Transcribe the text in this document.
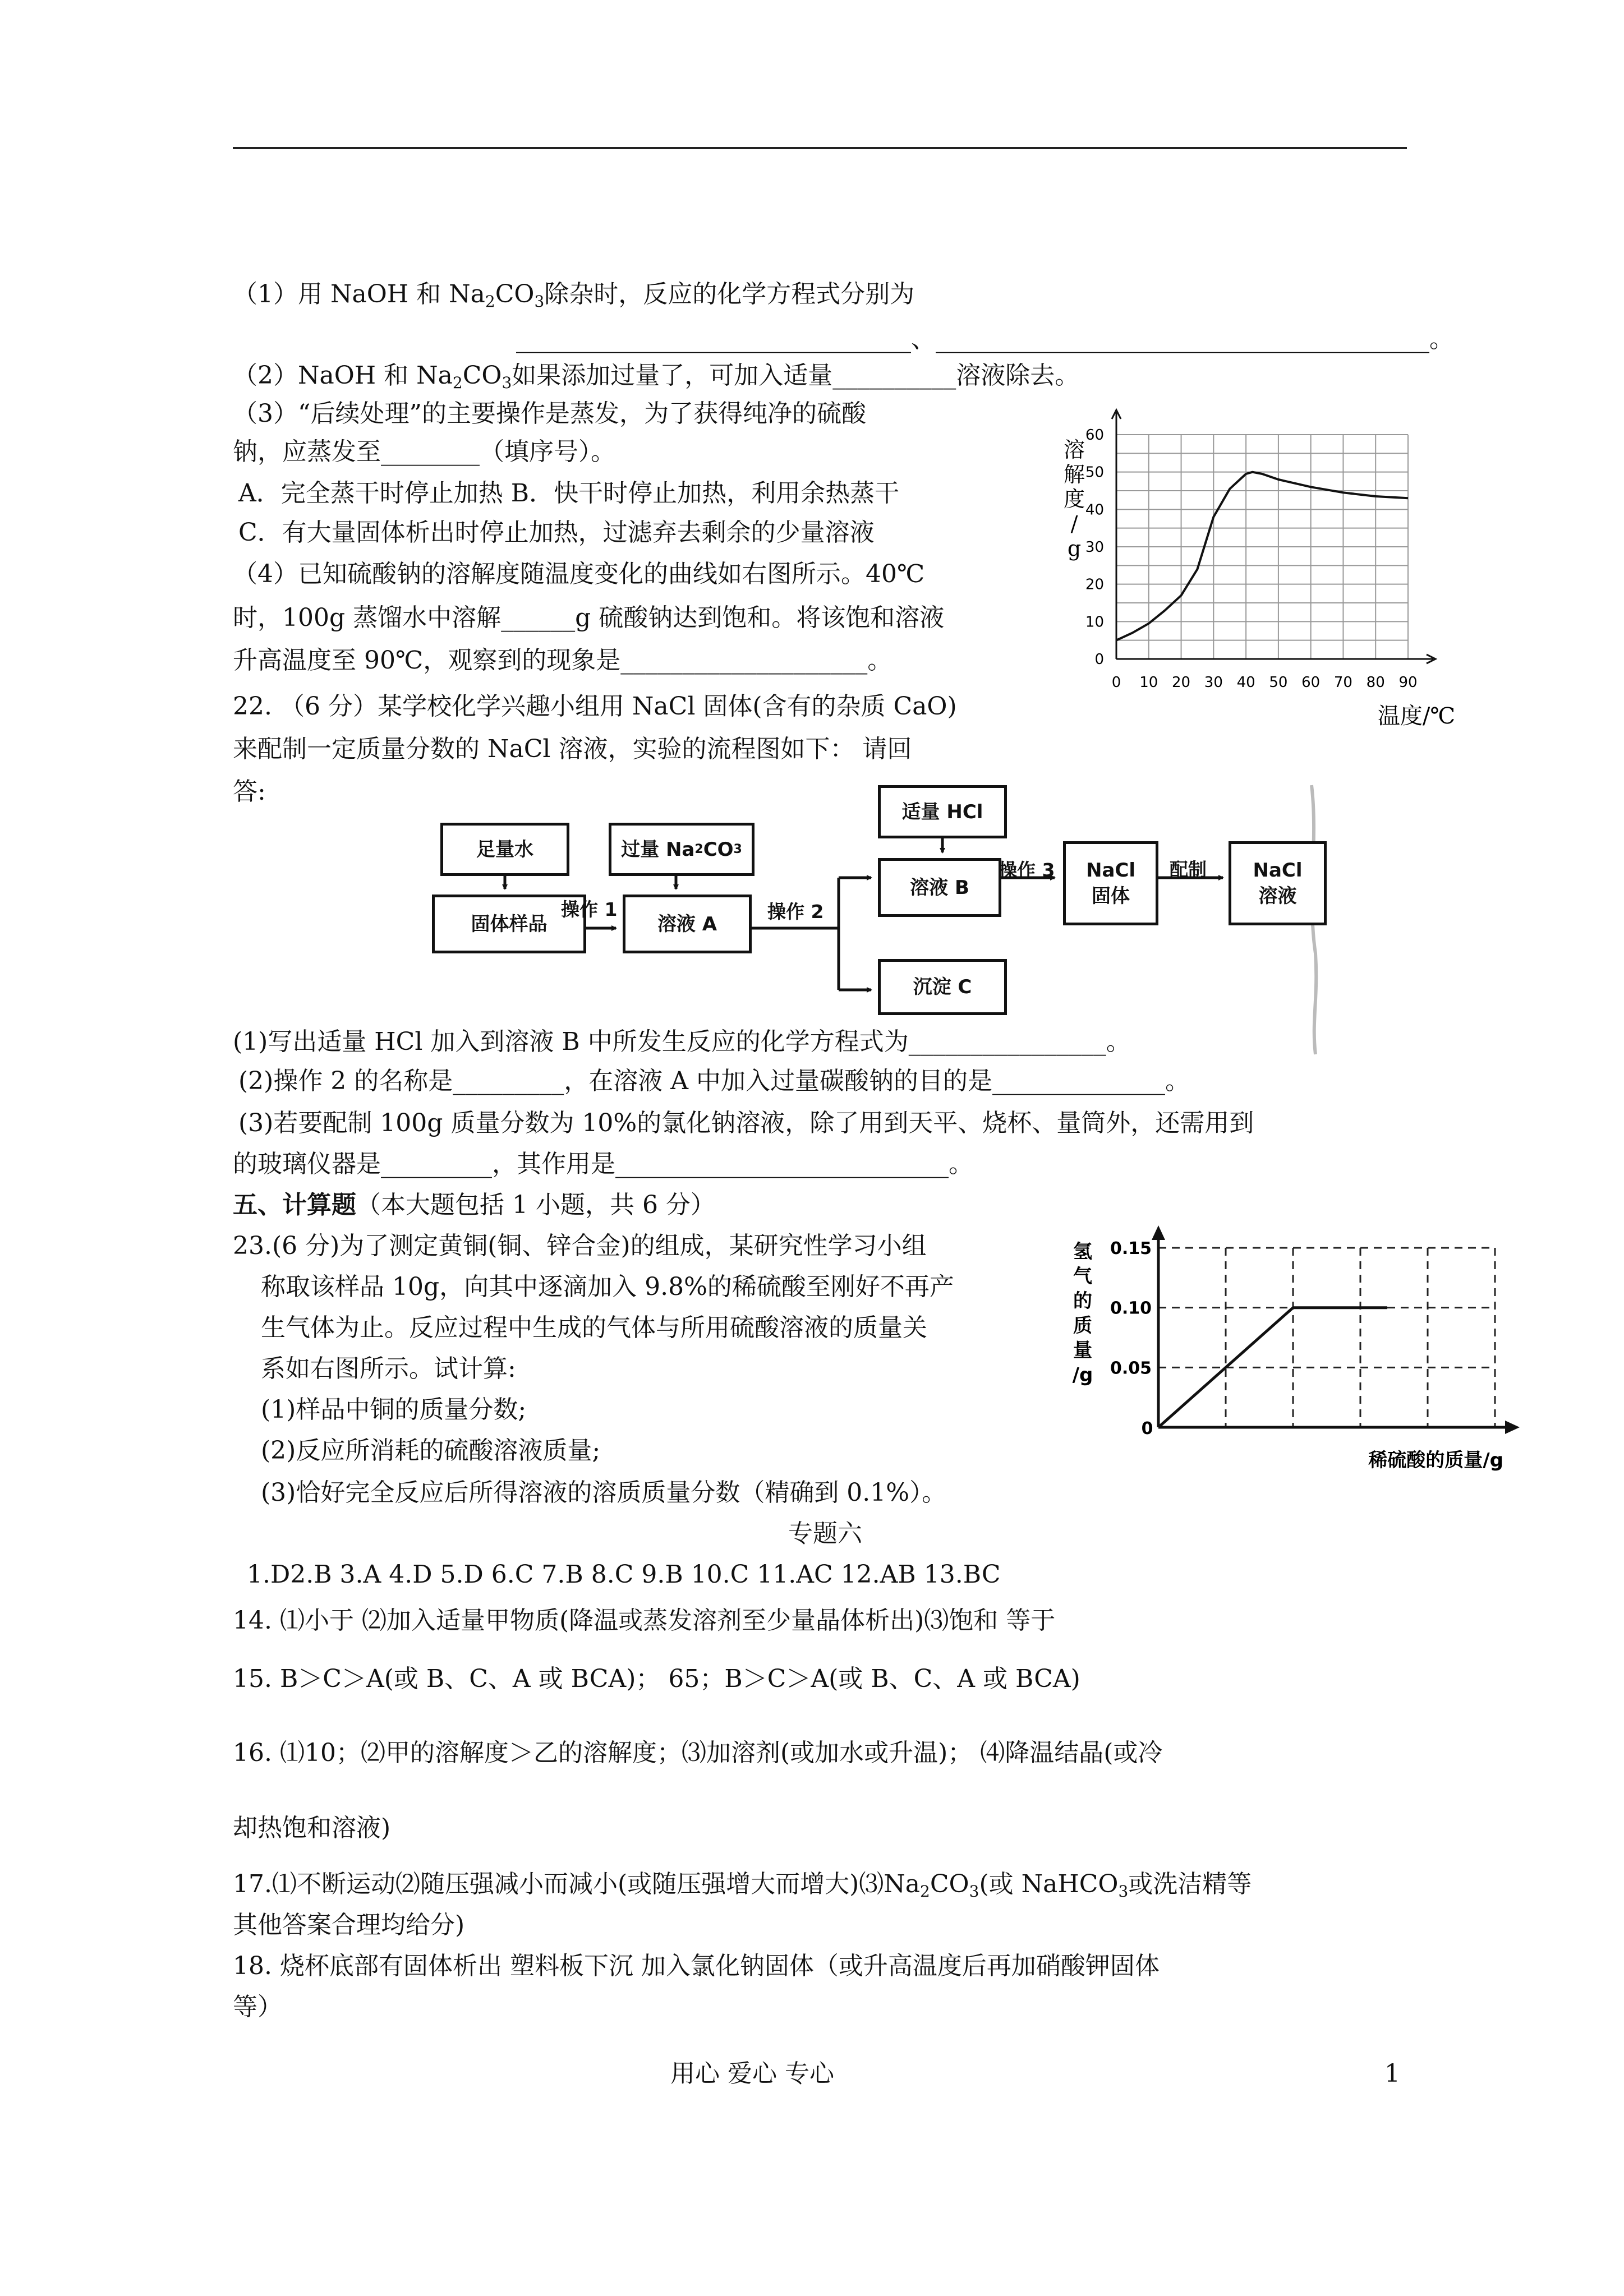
（1）用 NaOH 和 $Na_2CO_3$除杂时，反应的化学方程式分别为
________________________________、________________________________________。
（2）NaOH 和 $Na_2CO_3$如果添加过量了，可加入适量__________溶液除去。
（3）“后续处理”的主要操作是蒸发，为了获得纯净的硫酸
钠，应蒸发至________（填序号）。
A．完全蒸干时停止加热 B．快干时停止加热，利用余热蒸干
C．有大量固体析出时停止加热，过滤弃去剩余的少量溶液
（4）已知硫酸钠的溶解度随温度变化的曲线如右图所示。40℃
时，100g 蒸馏水中溶解______g 硫酸钠达到饱和。将该饱和溶液
升高温度至 90℃，观察到的现象是____________________。	0
10
20
30
40
50
60
0 10 20 30 40 50 60 70 80 90
溶
解
度
/
g
温度/℃
22. （6 分）某学校化学兴趣小组用 NaCl 固体(含有的杂质 CaO)
来配制一定质量分数的 NaCl 溶液，实验的流程图如下： 请回
答:
足量水
固体样品
操作 1
过量 Na 2 CO 3
溶液 A
操作 2
适量 HCl
溶液 B
操作 3
沉淀 C
NaCl
固体
配制 NaCl
溶液
(1)写出适量 HCl 加入到溶液 B 中所发生反应的化学方程式为________________。
(2)操作 2 的名称是_________，在溶液 A 中加入过量碳酸钠的目的是______________。
(3)若要配制 100g 质量分数为 10%的氯化钠溶液，除了用到天平、烧杯、量筒外，还需用到
的玻璃仪器是_________，其作用是___________________________。
五、计算题（本大题包括 1 小题，共 6 分）
23.(6 分)为了测定黄铜(铜、锌合金)的组成，某研究性学习小组
称取该样品 10g，向其中逐滴加入 9.8%的稀硫酸至刚好不再产
生气体为止。反应过程中生成的气体与所用硫酸溶液的质量关
系如右图所示。试计算:
(1)样品中铜的质量分数;
(2)反应所消耗的硫酸溶液质量;
(3)恰好完全反应后所得溶液的溶质质量分数（精确到 0.1%）。
0.05
0.10
0.15
0
氢
气
的
质
量
/g
稀硫酸的质量/g
专题六
1.D2.B 3.A 4.D 5.D 6.C 7.B 8.C 9.B 10.C 11.AC 12.AB 13.BC
14. ⑴小于 ⑵加入适量甲物质(降温或蒸发溶剂至少量晶体析出)⑶饱和 等于
15. B＞C＞A(或 B、C、A 或 BCA)； 65；B＞C＞A(或 B、C、A 或 BCA)
16. ⑴10；⑵甲的溶解度＞乙的溶解度；⑶加溶剂(或加水或升温)； ⑷降温结晶(或冷
却热饱和溶液)
17.⑴不断运动⑵随压强减小而减小(或随压强增大而增大)$⑶Na_2CO_3$(或 NaHCO$_3$或洗洁精等
其他答案合理均给分)
18. 烧杯底部有固体析出 塑料板下沉 加入氯化钠固体（或升高温度后再加硝酸钾固体
等）
用心 爱心 专心	1
